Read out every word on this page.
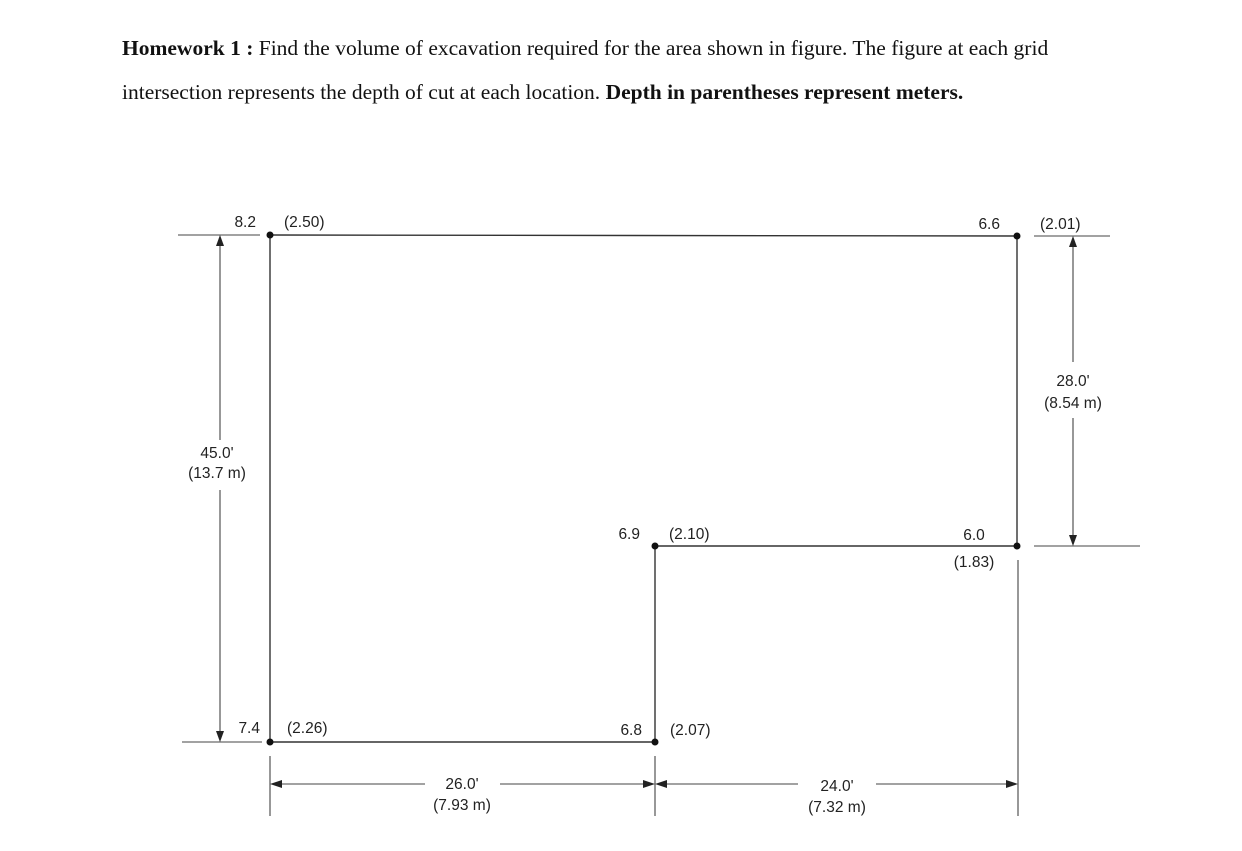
Homework 1 : Find the volume of excavation required for the area shown in figure. The figure at each grid intersection represents the depth of cut at each location. Depth in parentheses represent meters.
45.0'
(13.7 m)
28.0'
(8.54 m)
26.0'
(7.93 m)
24.0'
(7.32 m)
8.2 (2.50)	6.6	(2.01)
6.9 (2.10)	6.0
(1.83)
7.4 (2.26)	6.8 (2.07)
